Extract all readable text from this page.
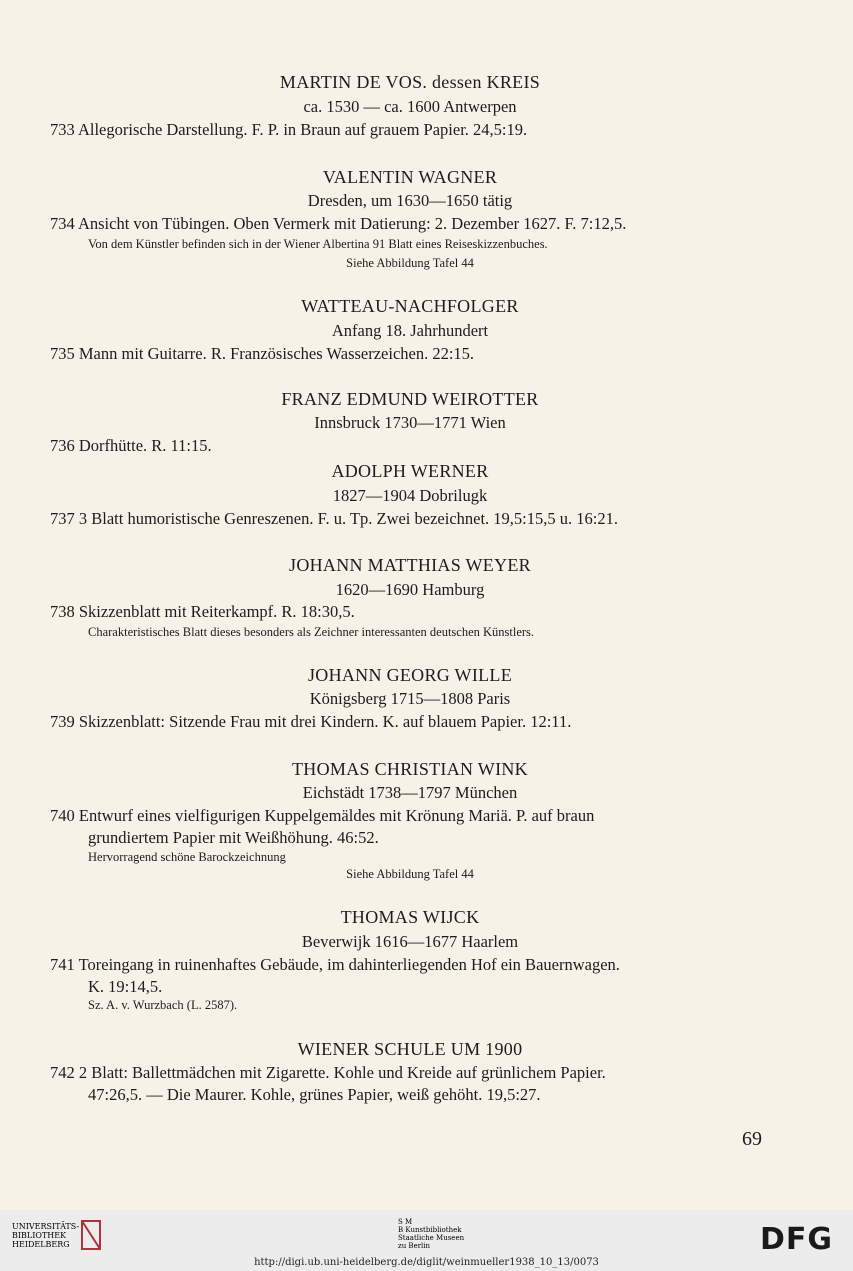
MARTIN DE VOS. dessen KREIS
ca. 1530 — ca. 1600 Antwerpen
733 Allegorische Darstellung. F. P. in Braun auf grauem Papier. 24,5:19.
VALENTIN WAGNER
Dresden, um 1630—1650 tätig
734 Ansicht von Tübingen. Oben Vermerk mit Datierung: 2. Dezember 1627. F. 7:12,5.
Von dem Künstler befinden sich in der Wiener Albertina 91 Blatt eines Reiseskizzenbuches.
Siehe Abbildung Tafel 44
WATTEAU-NACHFOLGER
Anfang 18. Jahrhundert
735 Mann mit Guitarre. R. Französisches Wasserzeichen. 22:15.
FRANZ EDMUND WEIROTTER
Innsbruck 1730—1771 Wien
736 Dorfhütte. R. 11:15.
ADOLPH WERNER
1827—1904 Dobrilugk
737 3 Blatt humoristische Genreszenen. F. u. Tp. Zwei bezeichnet. 19,5:15,5 u. 16:21.
JOHANN MATTHIAS WEYER
1620—1690 Hamburg
738 Skizzenblatt mit Reiterkampf. R. 18:30,5.
Charakteristisches Blatt dieses besonders als Zeichner interessanten deutschen Künstlers.
JOHANN GEORG WILLE
Königsberg 1715—1808 Paris
739 Skizzenblatt: Sitzende Frau mit drei Kindern. K. auf blauem Papier. 12:11.
THOMAS CHRISTIAN WINK
Eichstädt 1738—1797 München
740 Entwurf eines vielfigurigen Kuppelgemäldes mit Krönung Mariä. P. auf braun
grundiertem Papier mit Weißhöhung. 46:52.
Hervorragend schöne Barockzeichnung
Siehe Abbildung Tafel 44
THOMAS WIJCK
Beverwijk 1616—1677 Haarlem
741 Toreingang in ruinenhaftes Gebäude, im dahinterliegenden Hof ein Bauernwagen.
K. 19:14,5.
Sz. A. v. Wurzbach (L. 2587).
WIENER SCHULE UM 1900
742 2 Blatt: Ballettmädchen mit Zigarette. Kohle und Kreide auf grünlichem Papier.
47:26,5. — Die Maurer. Kohle, grünes Papier, weiß gehöht. 19,5:27.
69
UNIVERSITÄTS-
BIBLIOTHEK
HEIDELBERG
S M
B Kunstbibliothek
Staatliche Museen
zu Berlin	DFG
http://digi.ub.uni-heidelberg.de/diglit/weinmueller1938_10_13/0073
